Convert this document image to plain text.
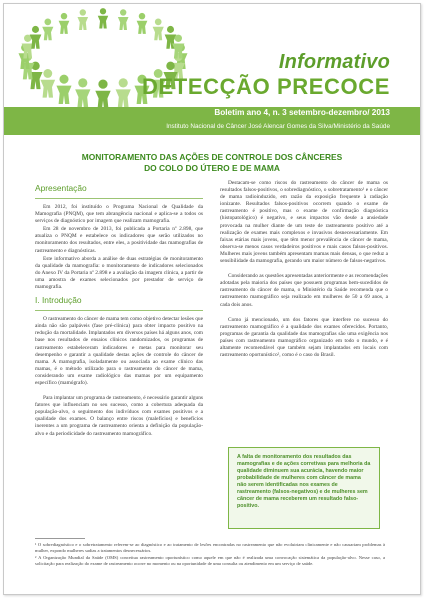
Informativo
DETECÇÃO PRECOCE
Boletim ano 4, n. 3 setembro-dezembro/ 2013
Instituto Nacional de Câncer José Alencar Gomes da Silva/Ministério da Saúde
MONITORAMENTO DAS AÇÕES DE CONTROLE DOS CÂNCERES
DO COLO DO ÚTERO E DE MAMA
Apresentação

Em 2012, foi instituído o Programa Nacional de Qualidade da Mamografia (PNQM), que tem abrangência nacional e aplica-se a todos os serviços de diagnóstico por imagem que realizam mamografia.

Em 28 de novembro de 2013, foi publicada a Portaria nº 2.898, que atualiza o PNQM e estabelece os indicadores que serão utilizados no monitoramento dos resultados, entre eles, a positividade das mamografias de rastreamento e diagnósticas.

Este informativo aborda a análise de duas estratégias de monitoramento da qualidade da mamografia: o monitoramento de indicadores selecionados do Anexo IV da Portaria nº 2.898 e a avaliação da imagem clínica, a partir de uma amostra de exames selecionados por prestador de serviço de mamografia.

I. Introdução

O rastreamento do câncer de mama tem como objetivo detectar lesões que ainda não são palpáveis (fase pré-clínica) para obter impacto positivo na redução da mortalidade. Implantados em diversos países há alguns anos, com base nos resultados de ensaios clínicos randomizados, os programas de rastreamento estabeleceram indicadores e metas para monitorar seu desempenho e garantir a qualidade destas ações de controle do câncer de mama. A mamografia, isoladamente ou associada ao exame clínico das mamas, é o método utilizado para o rastreamento do câncer de mama, considerando um exame radiológico das mamas por um equipamento específico (mamógrafo).

Para implantar um programa de rastreamento, é necessário garantir alguns fatores que influenciam no seu sucesso, como a cobertura adequada da população-alvo, o seguimento dos indivíduos com exames positivos e a qualidade dos exames. O balanço entre riscos (malefícios) e benefícios inerentes a um programa de rastreamento orienta a definição da população-alvo e da periodicidade do rastreamento mamográfico.

Destacam-se como riscos do rastreamento do câncer de mama os resultados falsos-positivos, o sobrediagnóstico, o sobretratamento¹ e o câncer de mama radioinduzido, em razão da exposição frequente à radiação ionizante. Resultados falsos-positivos ocorrem quando o exame de rastreamento é positivo, mas o exame de confirmação diagnóstica (histopatológico) é negativo, e seus impactos vão desde a ansiedade provocada na mulher diante de um teste de rastreamento positivo até a realização de exames mais complexos e invasivos desnecessariamente. Em faixas etárias mais jovens, que têm menor prevalência de câncer de mama, observa-se menos casos verdadeiros positivos e mais casos falsos-positivos. Mulheres mais jovens também apresentam mamas mais densas, o que reduz a sensibilidade da mamografia, gerando um maior número de falsos-negativos.

Considerando as questões apresentadas anteriormente e as recomendações adotadas pela maioria dos países que possuem programas bem-sucedidos de rastreamento do câncer de mama, o Ministério da Saúde recomenda que o rastreamento mamográfico seja realizado em mulheres de 50 a 69 anos, a cada dois anos.

Como já mencionado, um dos fatores que interfere no sucesso do rastreamento mamográfico é a qualidade dos exames oferecidos. Portanto, programas de garantia da qualidade das mamografias são uma exigência nos países com rastreamento mamográfico organizado em todo o mundo, e é altamente recomendável que também sejam implantados em locais com rastreamento oportunístico², como é o caso do Brasil.

A falta de monitoramento dos resultados das mamografias e de ações corretivas para melhoria da qualidade diminuem sua acurácia, havendo maior probabilidade de mulheres com câncer de mama não serem identificadas nos exames de rastreamento (falsos-negativos) e de mulheres sem câncer de mama receberem um resultado falso-positivo.
¹ O sobrediagnóstico e o sobretratamento referem-se ao diagnóstico e ao tratamento de lesões encontradas no rastreamento que não evoluiriam clinicamente e não causariam problemas à mulher, expondo mulheres sadias a tratamentos desnecessários.
² A Organização Mundial da Saúde (OMS) conceitua rastreamento oportunístico como aquele em que não é realizada uma convocação sistemática da população-alvo. Nesse caso, a solicitação para realização do exame de rastreamento ocorre no momento ou na oportunidade de uma consulta ou atendimento em um serviço de saúde.
